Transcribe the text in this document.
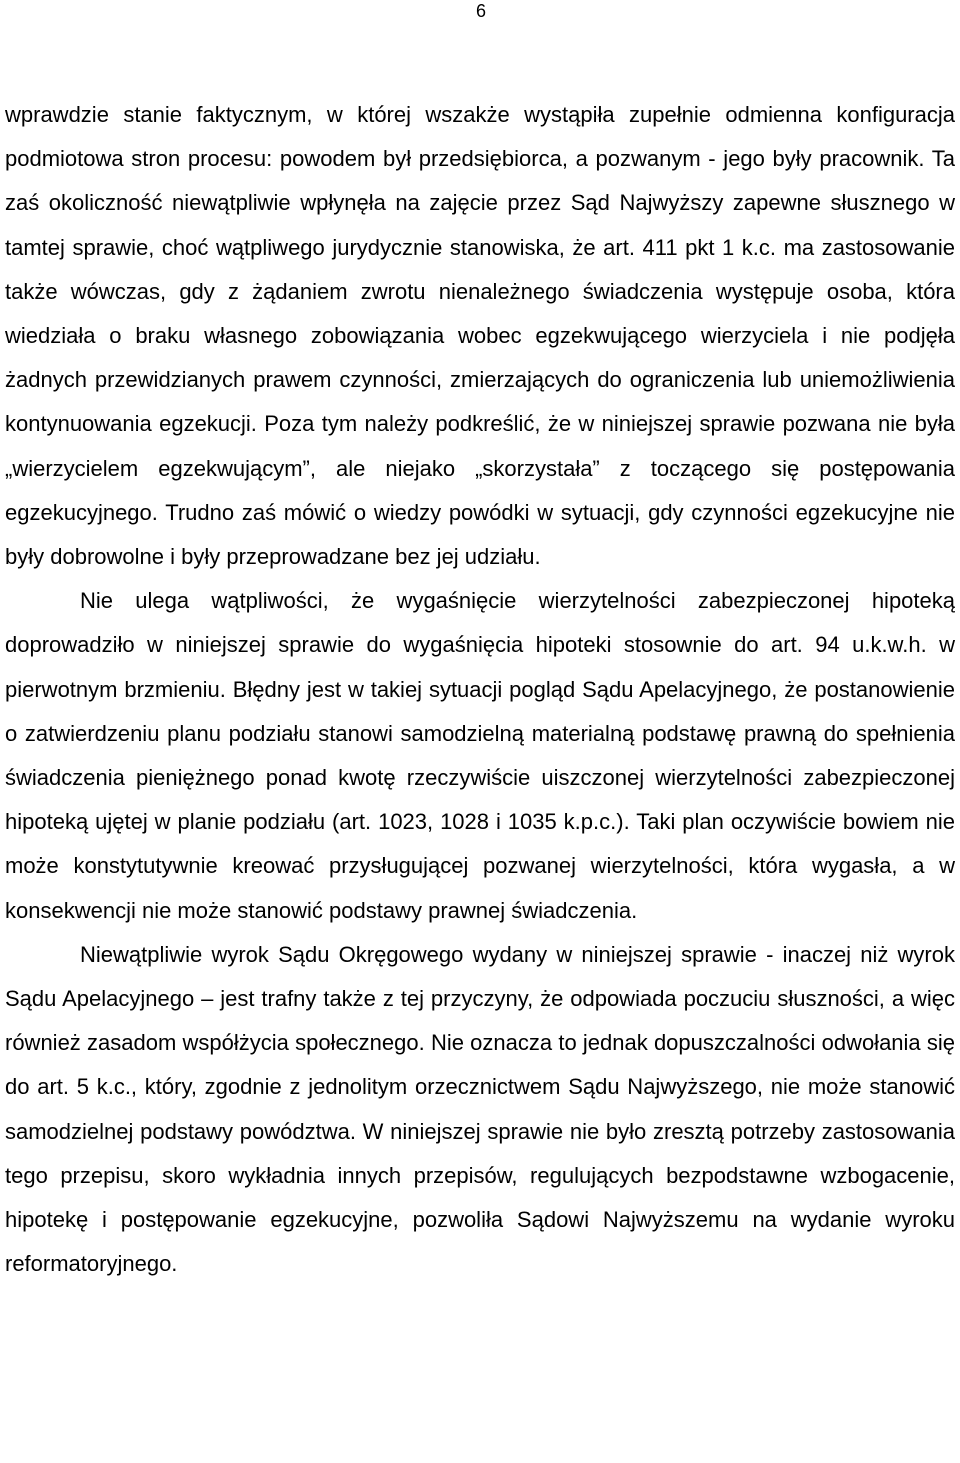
6

wprawdzie stanie faktycznym, w której wszakże wystąpiła zupełnie odmienna konfiguracja podmiotowa stron procesu: powodem był przedsiębiorca, a pozwanym - jego były pracownik. Ta zaś okoliczność niewątpliwie wpłynęła na zajęcie przez Sąd Najwyższy zapewne słusznego w tamtej sprawie, choć wątpliwego jurydycznie stanowiska, że art. 411 pkt 1 k.c. ma zastosowanie także wówczas, gdy z żądaniem zwrotu nienależnego świadczenia występuje osoba, która wiedziała o braku własnego zobowiązania wobec egzekwującego wierzyciela i nie podjęła żadnych przewidzianych prawem czynności, zmierzających do ograniczenia lub uniemożliwienia kontynuowania egzekucji. Poza tym należy podkreślić, że w niniejszej sprawie pozwana nie była „wierzycielem egzekwującym”, ale niejako „skorzystała” z toczącego się postępowania egzekucyjnego. Trudno zaś mówić o wiedzy powódki w sytuacji, gdy czynności egzekucyjne nie były dobrowolne i były przeprowadzane bez jej udziału.

Nie ulega wątpliwości, że wygaśnięcie wierzytelności zabezpieczonej hipoteką doprowadziło w niniejszej sprawie do wygaśnięcia hipoteki stosownie do art. 94 u.k.w.h. w pierwotnym brzmieniu. Błędny jest w takiej sytuacji pogląd Sądu Apelacyjnego, że postanowienie o zatwierdzeniu planu podziału stanowi samodzielną materialną podstawę prawną do spełnienia świadczenia pieniężnego ponad kwotę rzeczywiście uiszczonej wierzytelności zabezpieczonej hipoteką ujętej w planie podziału (art. 1023, 1028 i 1035 k.p.c.). Taki plan oczywiście bowiem nie może konstytutywnie kreować przysługującej pozwanej wierzytelności, która wygasła, a w konsekwencji nie może stanowić podstawy prawnej świadczenia.

Niewątpliwie wyrok Sądu Okręgowego wydany w niniejszej sprawie - inaczej niż wyrok Sądu Apelacyjnego – jest trafny także z tej przyczyny, że odpowiada poczuciu słuszności, a więc również zasadom współżycia społecznego. Nie oznacza to jednak dopuszczalności odwołania się do art. 5 k.c., który, zgodnie z jednolitym orzecznictwem Sądu Najwyższego, nie może stanowić samodzielnej podstawy powództwa. W niniejszej sprawie nie było zresztą potrzeby zastosowania tego przepisu, skoro wykładnia innych przepisów, regulujących bezpodstawne wzbogacenie, hipotekę i postępowanie egzekucyjne, pozwoliła Sądowi Najwyższemu na wydanie wyroku reformatoryjnego.
